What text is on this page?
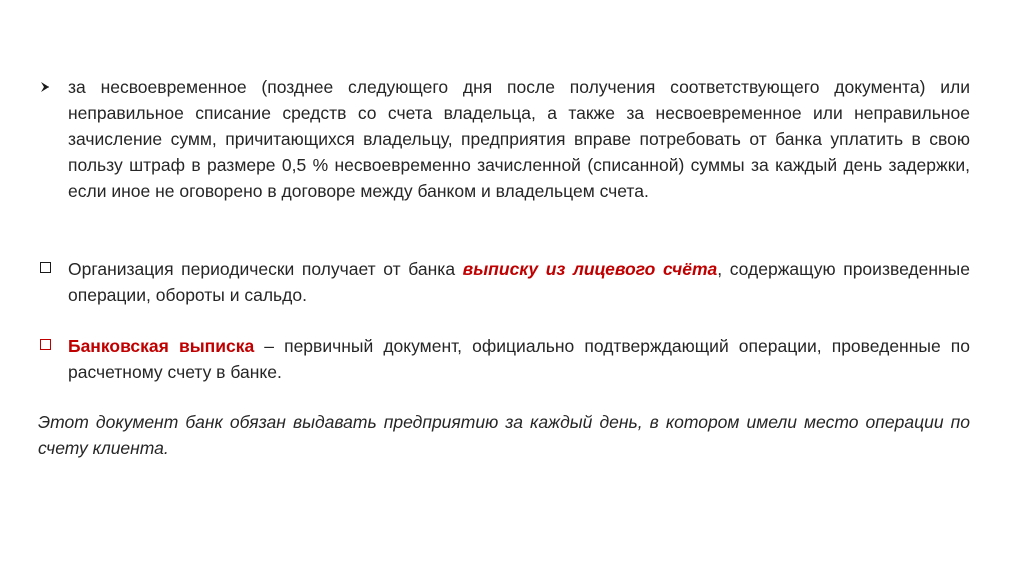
за несвоевременное (позднее следующего дня после получения соответствующего документа) или неправильное списание средств со счета владельца, а также за несвоевременное или неправильное зачисление сумм, причитающихся владельцу, предприятия вправе потребовать от банка уплатить в свою пользу штраф в размере 0,5 % несвоевременно зачисленной (списанной) суммы за каждый день задержки, если иное не оговорено в договоре между банком и владельцем счета.
Организация периодически получает от банка выписку из лицевого счёта, содержащую произведенные операции, обороты и сальдо.
Банковская выписка – первичный документ, официально подтверждающий операции, проведенные по расчетному счету в банке.
Этот документ банк обязан выдавать предприятию за каждый день, в котором имели место операции по счету клиента.
